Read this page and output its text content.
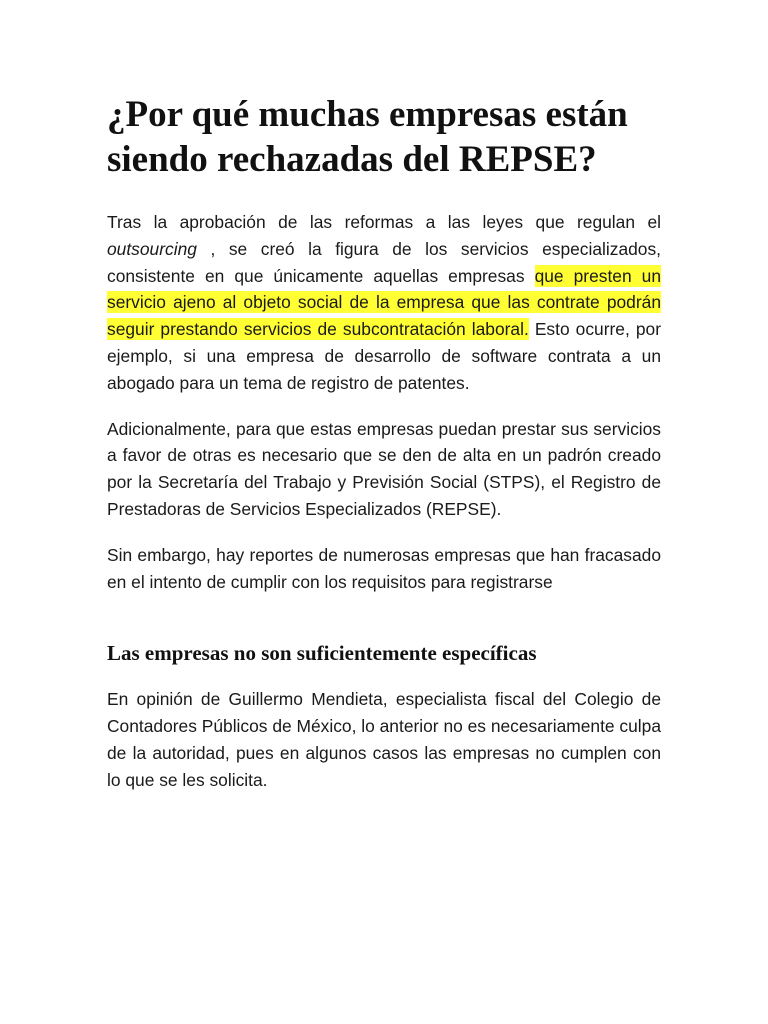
¿Por qué muchas empresas están siendo rechazadas del REPSE?

Tras la aprobación de las reformas a las leyes que regulan el outsourcing , se creó la figura de los servicios especializados, consistente en que únicamente aquellas empresas que presten un servicio ajeno al objeto social de la empresa que las contrate podrán seguir prestando servicios de subcontratación laboral. Esto ocurre, por ejemplo, si una empresa de desarrollo de software contrata a un abogado para un tema de registro de patentes.

Adicionalmente, para que estas empresas puedan prestar sus servicios a favor de otras es necesario que se den de alta en un padrón creado por la Secretaría del Trabajo y Previsión Social (STPS), el Registro de Prestadoras de Servicios Especializados (REPSE).

Sin embargo, hay reportes de numerosas empresas que han fracasado en el intento de cumplir con los requisitos para registrarse

Las empresas no son suficientemente específicas

En opinión de Guillermo Mendieta, especialista fiscal del Colegio de Contadores Públicos de México, lo anterior no es necesariamente culpa de la autoridad, pues en algunos casos las empresas no cumplen con lo que se les solicita.
